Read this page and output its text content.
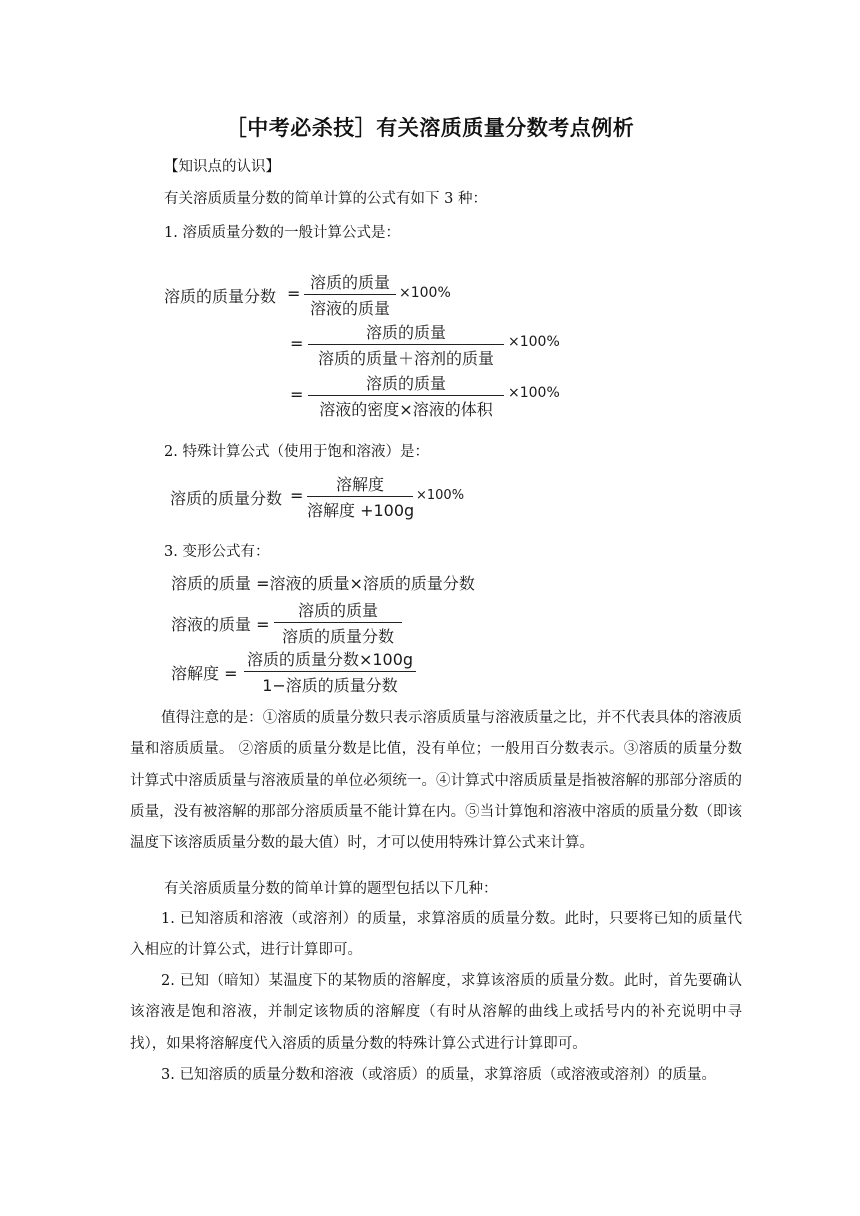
［中考必杀技］有关溶质质量分数考点例析
【知识点的认识】
有关溶质质量分数的简单计算的公式有如下 3 种：
1. 溶质质量分数的一般计算公式是：
溶质的质量分数 =
溶质的质量
溶液的质量
×100%
=
溶质的质量
溶质的质量＋溶剂的质量
×100%
=
溶质的质量
溶液的密度×溶液的体积
×100%
2. 特殊计算公式（使用于饱和溶液）是：
溶质的质量分数 =
溶解度
溶解度 +100g
×100%
3. 变形公式有：
溶质的质量 =溶液的质量×溶质的质量分数
溶液的质量 =
溶质的质量
溶质的质量分数
溶解度 =
溶质的质量分数×100g
1−溶质的质量分数
值得注意的是：①溶质的质量分数只表示溶质质量与溶液质量之比，并不代表具体的溶液质量和溶质质量。 ②溶质的质量分数是比值，没有单位；一般用百分数表示。③溶质的质量分数计算式中溶质质量与溶液质量的单位必须统一。④计算式中溶质质量是指被溶解的那部分溶质的质量，没有被溶解的那部分溶质质量不能计算在内。⑤当计算饱和溶液中溶质的质量分数（即该温度下该溶质质量分数的最大值）时，才可以使用特殊计算公式来计算。
有关溶质质量分数的简单计算的题型包括以下几种：
1. 已知溶质和溶液（或溶剂）的质量，求算溶质的质量分数。此时，只要将已知的质量代入相应的计算公式，进行计算即可。
2. 已知（暗知）某温度下的某物质的溶解度，求算该溶质的质量分数。此时，首先要确认该溶液是饱和溶液，并制定该物质的溶解度（有时从溶解的曲线上或括号内的补充说明中寻找），如果将溶解度代入溶质的质量分数的特殊计算公式进行计算即可。
3. 已知溶质的质量分数和溶液（或溶质）的质量，求算溶质（或溶液或溶剂）的质量。
